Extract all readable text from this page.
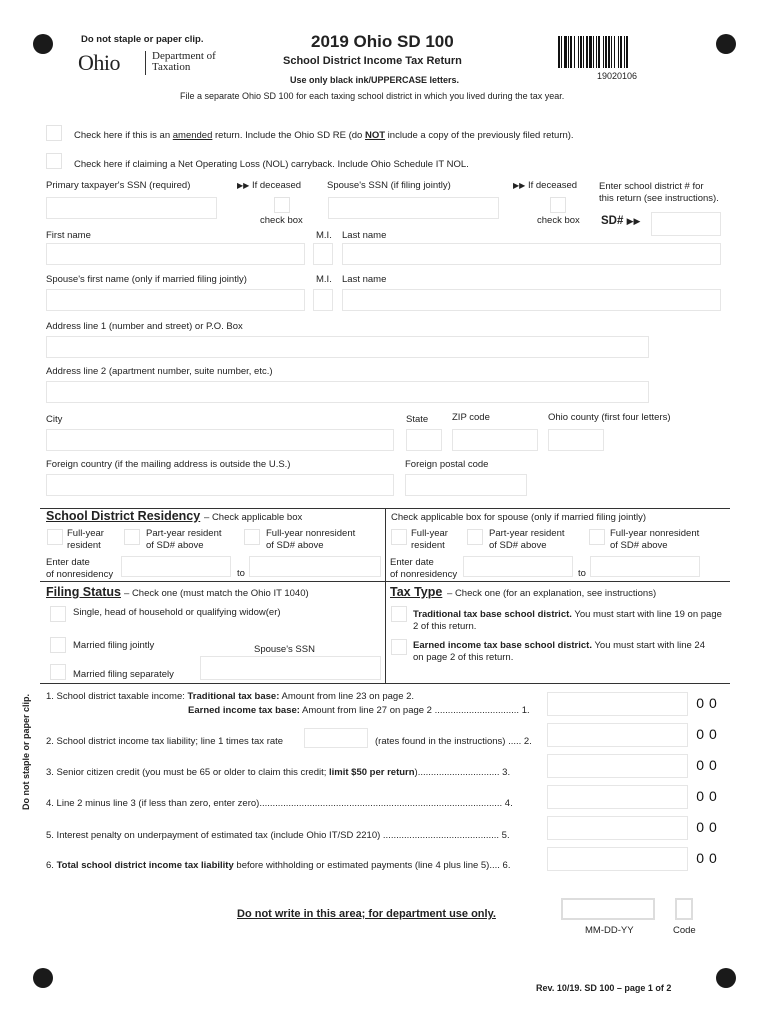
Do not staple or paper clip.
Ohio	Department of
Taxation
2019 Ohio SD 100
School District Income Tax Return
Use only black ink/UPPERCASE letters.
File a separate Ohio SD 100 for each taxing school district in which you lived during the tax year.
19020106
Check here if this is an amended return. Include the Ohio SD RE (do NOT include a copy of the previously filed return).
Check here if claiming a Net Operating Loss (NOL) carryback. Include Ohio Schedule IT NOL.
Primary taxpayer's SSN (required)	▶▶ If deceased	Spouse's SSN (if filing jointly)	▶▶ If deceased Enter school district # for
this return (see instructions).
check box	check box SD# ▶▶
First name	M.I. Last name
Spouse's first name (only if married filing jointly)	M.I. Last name
Address line 1 (number and street) or P.O. Box
Address line 2 (apartment number, suite number, etc.)
City	State	ZIP code	Ohio county (first four letters)
Foreign country (if the mailing address is outside the U.S.)	Foreign postal code
School District Residency – Check applicable box	Check applicable box for spouse (only if married filing jointly)
Full-year
resident
Part-year resident
of SD# above
Full-year nonresident
of SD# above
Full-year
resident
Part-year resident
of SD# above
Full-year nonresident
of SD# above
Enter date
of nonresidency	to
Enter date
of nonresidency	to
Filing Status – Check one (must match the Ohio IT 1040)
Single, head of household or qualifying widow(er)
Married filing jointly	Spouse's SSN
Married filing separately
Tax Type – Check one (for an explanation, see instructions)
Traditional tax base school district. You must start with line 19 on page
2 of this return.
Earned income tax base school district. You must start with line 24
on page 2 of this return.
Do not staple or paper clip. 1. School district taxable income: Traditional tax base: Amount from line 23 on page 2.
Earned income tax base: Amount from line 27 on page 2 ................................ 1.	00
2. School district income tax liability; line 1 times tax rate	(rates found in the instructions) ..... 2.	00
3. Senior citizen credit (you must be 65 or older to claim this credit; limit $50 per return)............................... 3.	00
4. Line 2 minus line 3 (if less than zero, enter zero)............................................................................................ 4.	00
5. Interest penalty on underpayment of estimated tax (include Ohio IT/SD 2210) ............................................ 5.
00
6. Total school district income tax liability before withholding or estimated payments (line 4 plus line 5).... 6.	00
Do not write in this area; for department use only.
MM-DD-YY	Code
Rev. 10/19. SD 100 – page 1 of 2
